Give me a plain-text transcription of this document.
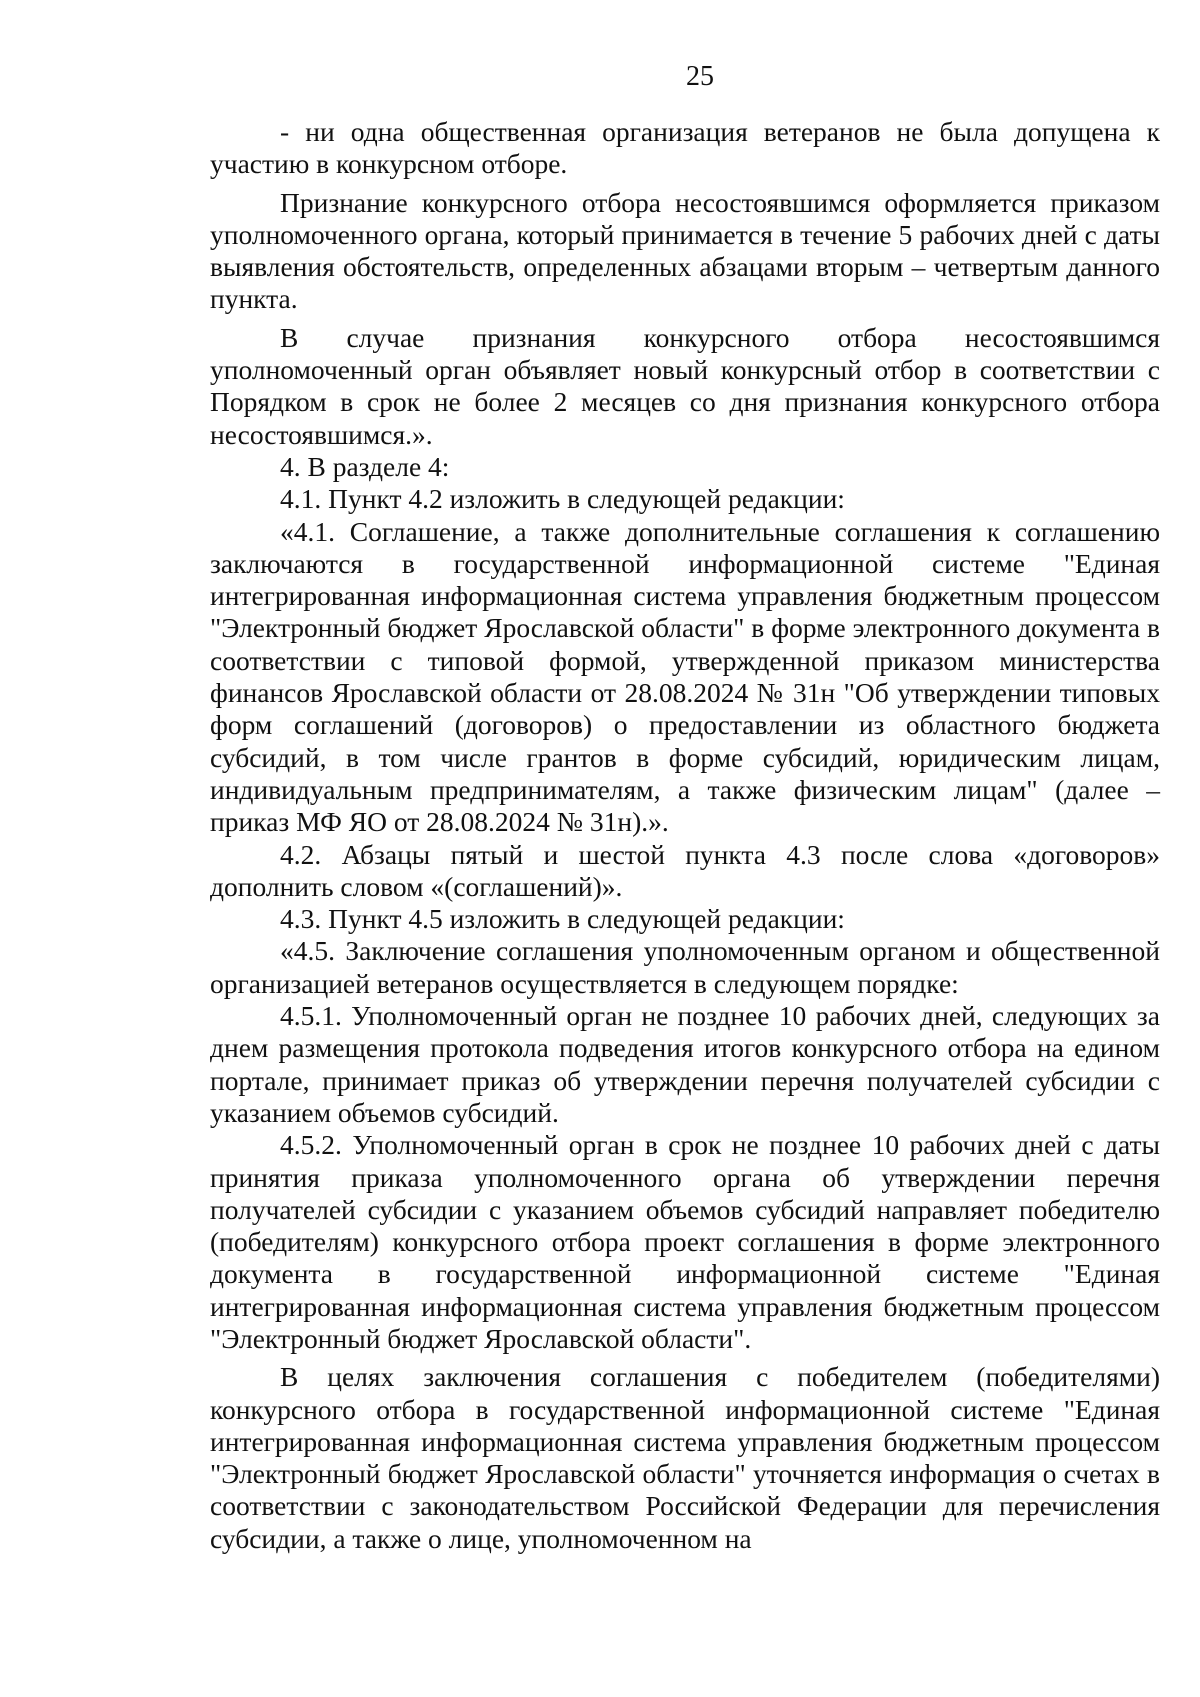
25

- ни одна общественная организация ветеранов не была допущена к участию в конкурсном отборе.

Признание конкурсного отбора несостоявшимся оформляется приказом уполномоченного органа, который принимается в течение 5 рабочих дней с даты выявления обстоятельств, определенных абзацами вторым – четвертым данного пункта.

В случае признания конкурсного отбора несостоявшимся уполномоченный орган объявляет новый конкурсный отбор в соответствии с Порядком в срок не более 2 месяцев со дня признания конкурсного отбора несостоявшимся.».

4. В разделе 4:

4.1. Пункт 4.2 изложить в следующей редакции:

«4.1. Соглашение, а также дополнительные соглашения к соглашению заключаются в государственной информационной системе "Единая интегрированная информационная система управления бюджетным процессом "Электронный бюджет Ярославской области" в форме электронного документа в соответствии с типовой формой, утвержденной приказом министерства финансов Ярославской области от 28.08.2024 № 31н "Об утверждении типовых форм соглашений (договоров) о предоставлении из областного бюджета субсидий, в том числе грантов в форме субсидий, юридическим лицам, индивидуальным предпринимателям, а также физическим лицам" (далее – приказ МФ ЯО от 28.08.2024 № 31н).».

4.2. Абзацы пятый и шестой пункта 4.3 после слова «договоров» дополнить словом «(соглашений)».

4.3. Пункт 4.5 изложить в следующей редакции:

«4.5. Заключение соглашения уполномоченным органом и общественной организацией ветеранов осуществляется в следующем порядке:

4.5.1. Уполномоченный орган не позднее 10 рабочих дней, следующих за днем размещения протокола подведения итогов конкурсного отбора на едином портале, принимает приказ об утверждении перечня получателей субсидии с указанием объемов субсидий.

4.5.2. Уполномоченный орган в срок не позднее 10 рабочих дней с даты принятия приказа уполномоченного органа об утверждении перечня получателей субсидии с указанием объемов субсидий направляет победителю (победителям) конкурсного отбора проект соглашения в форме электронного документа в государственной информационной системе "Единая интегрированная информационная система управления бюджетным процессом "Электронный бюджет Ярославской области".

В целях заключения соглашения с победителем (победителями) конкурсного отбора в государственной информационной системе "Единая интегрированная информационная система управления бюджетным процессом "Электронный бюджет Ярославской области" уточняется информация о счетах в соответствии с законодательством Российской Федерации для перечисления субсидии, а также о лице, уполномоченном на
